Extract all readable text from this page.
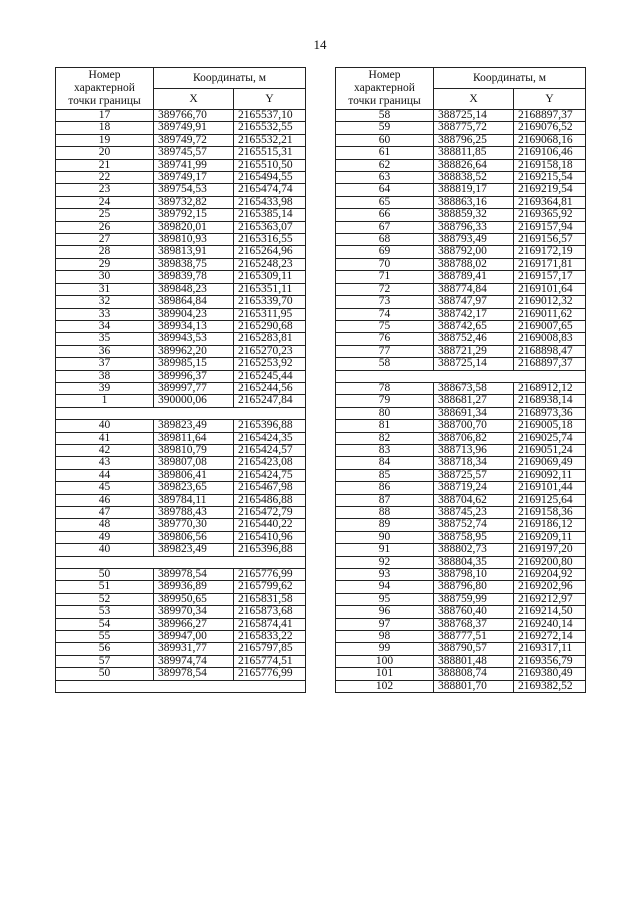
14
Номер характерной точки границы	Координаты, м	
	X	Y
17	389766,70	2165537,10
18	389749,91	2165532,55
19	389749,72	2165532,21
20	389745,57	2165515,31
21	389741,99	2165510,50
22	389749,17	2165494,55
23	389754,53	2165474,74
24	389732,82	2165433,98
25	389792,15	2165385,14
26	389820,01	2165363,07
27	389810,93	2165316,55
28	389813,91	2165264,96
29	389838,75	2165248,23
30	389839,78	2165309,11
31	389848,23	2165351,11
32	389864,84	2165339,70
33	389904,23	2165311,95
34	389934,13	2165290,68
35	389943,53	2165283,81
36	389962,20	2165270,23
37	389985,15	2165253,92
38	389996,37	2165245,44
39	389997,77	2165244,56
1	390000,06	2165247,84

40	389823,49	2165396,88
41	389811,64	2165424,35
42	389810,79	2165424,57
43	389807,08	2165423,08
44	389806,41	2165424,75
45	389823,65	2165467,98
46	389784,11	2165486,88
47	389788,43	2165472,79
48	389770,30	2165440,22
49	389806,56	2165410,96
40	389823,49	2165396,88

50	389978,54	2165776,99
51	389936,89	2165799,62
52	389950,65	2165831,58
53	389970,34	2165873,68
54	389966,27	2165874,41
55	389947,00	2165833,22
56	389931,77	2165797,85
57	389974,74	2165774,51
50	389978,54	2165776,99

Номер характерной точки границы	Координаты, м	
	X	Y
58	388725,14	2168897,37
59	388775,72	2169076,52
60	388796,25	2169068,16
61	388811,85	2169106,46
62	388826,64	2169158,18
63	388838,52	2169215,54
64	388819,17	2169219,54
65	388863,16	2169364,81
66	388859,32	2169365,92
67	388796,33	2169157,94
68	388793,49	2169156,57
69	388792,00	2169172,19
70	388788,02	2169171,81
71	388789,41	2169157,17
72	388774,84	2169101,64
73	388747,97	2169012,32
74	388742,17	2169011,62
75	388742,65	2169007,65
76	388752,46	2169008,83
77	388721,29	2168898,47
58	388725,14	2168897,37

78	388673,58	2168912,12
79	388681,27	2168938,14
80	388691,34	2168973,36
81	388700,70	2169005,18
82	388706,82	2169025,74
83	388713,96	2169051,24
84	388718,34	2169069,49
85	388725,57	2169092,11
86	388719,24	2169101,44
87	388704,62	2169125,64
88	388745,23	2169158,36
89	388752,74	2169186,12
90	388758,95	2169209,11
91	388802,73	2169197,20
92	388804,35	2169200,80
93	388798,10	2169204,92
94	388796,80	2169202,96
95	388759,99	2169212,97
96	388760,40	2169214,50
97	388768,37	2169240,14
98	388777,51	2169272,14
99	388790,57	2169317,11
100	388801,48	2169356,79
101	388808,74	2169380,49
102	388801,70	2169382,52
